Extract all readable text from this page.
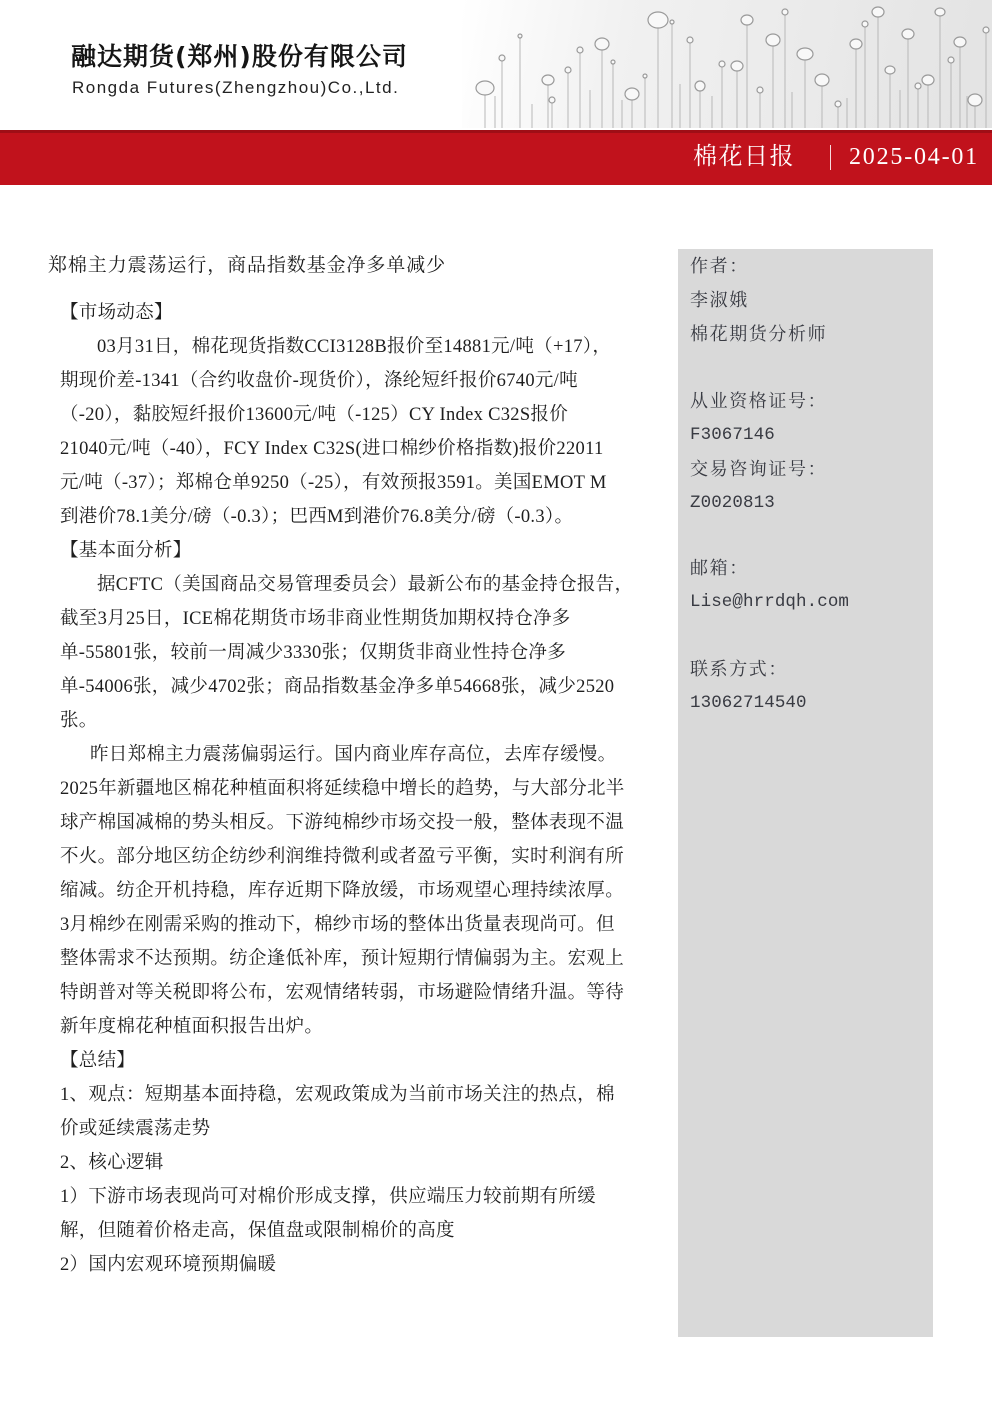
融达期货(郑州)股份有限公司
Rongda Futures(Zhengzhou)Co.,Ltd.
棉花日报 2025-04-01
郑棉主力震荡运行，商品指数基金净多单减少
【市场动态】
03月31日，棉花现货指数CCI3128B报价至14881元/吨（+17），
期现价差-1341（合约收盘价-现货价），涤纶短纤报价6740元/吨
（-20），黏胶短纤报价13600元/吨（-125）CY Index C32S报价
21040元/吨（-40），FCY Index C32S(进口棉纱价格指数)报价22011
元/吨（-37）；郑棉仓单9250（-25），有效预报3591。美国EMOT M
到港价78.1美分/磅（-0.3）；巴西M到港价76.8美分/磅（-0.3）。
【基本面分析】
据CFTC（美国商品交易管理委员会）最新公布的基金持仓报告，
截至3月25日，ICE棉花期货市场非商业性期货加期权持仓净多
单-55801张，较前一周减少3330张；仅期货非商业性持仓净多
单-54006张，减少4702张；商品指数基金净多单54668张，减少2520
张。
昨日郑棉主力震荡偏弱运行。国内商业库存高位，去库存缓慢。
2025年新疆地区棉花种植面积将延续稳中增长的趋势，与大部分北半
球产棉国减棉的势头相反。下游纯棉纱市场交投一般，整体表现不温
不火。部分地区纺企纺纱利润维持微利或者盈亏平衡，实时利润有所
缩减。纺企开机持稳，库存近期下降放缓，市场观望心理持续浓厚。
3月棉纱在刚需采购的推动下，棉纱市场的整体出货量表现尚可。但
整体需求不达预期。纺企逢低补库，预计短期行情偏弱为主。宏观上
特朗普对等关税即将公布，宏观情绪转弱，市场避险情绪升温。等待
新年度棉花种植面积报告出炉。
【总结】
1、观点：短期基本面持稳，宏观政策成为当前市场关注的热点，棉
价或延续震荡走势
2、核心逻辑
1）下游市场表现尚可对棉价形成支撑，供应端压力较前期有所缓
解，但随着价格走高，保值盘或限制棉价的高度
2）国内宏观环境预期偏暖
作者：
李淑娥
棉花期货分析师
从业资格证号：
F3067146
交易咨询证号：
Z0020813
邮箱：
Lise@hrrdqh.com
联系方式：
13062714540
